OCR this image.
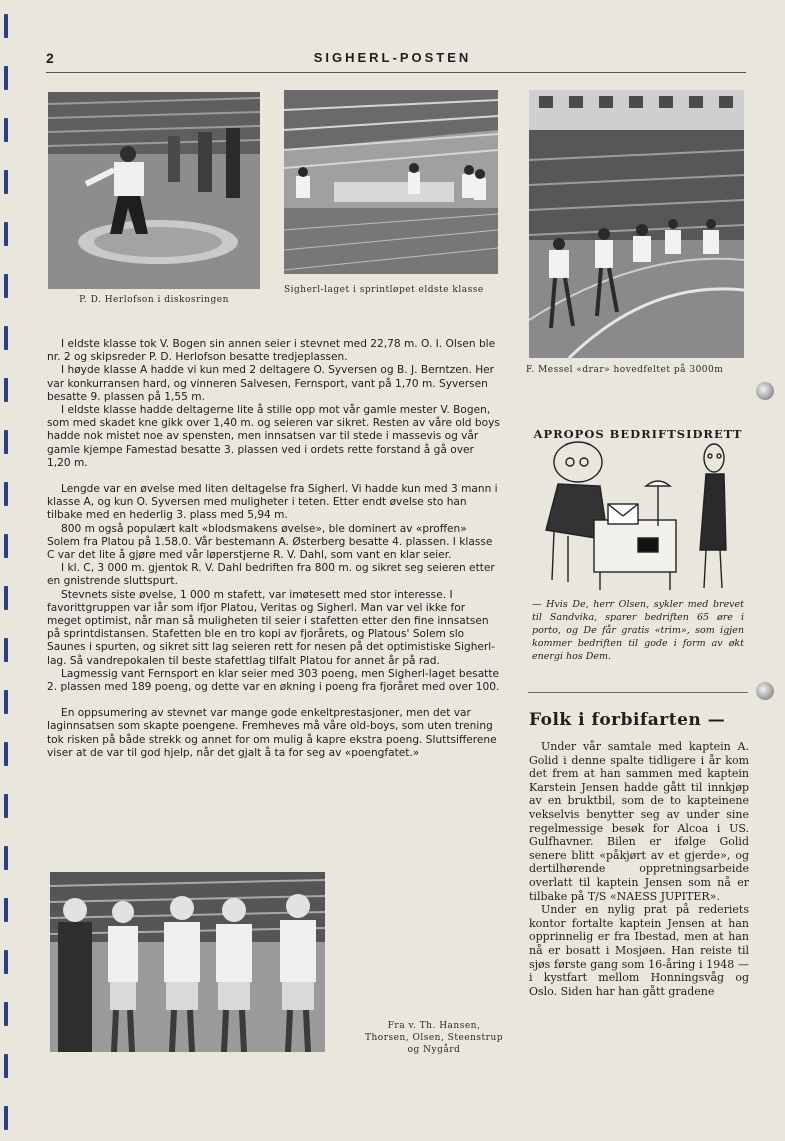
2	SIGHERL-POSTEN
P. D. Herlofson i diskosringen
Sigherl-laget i sprintløpet eldste klasse
F. Messel «drar» hovedfeltet på 3000m

I eldste klasse tok V. Bogen sin annen seier i stevnet med 22,78 m. O. I. Olsen ble nr. 2 og skipsreder P. D. Herlofson besatte tredjeplassen.

I høyde klasse A hadde vi kun med 2 deltagere O. Syversen og B. J. Berntzen. Her var konkurransen hard, og vinneren Salvesen, Fernsport, vant på 1,70 m. Syversen besatte 9. plassen på 1,55 m.

I eldste klasse hadde deltagerne lite å stille opp mot vår gamle mester V. Bogen, som med skadet kne gikk over 1,40 m. og seieren var sikret. Resten av våre old boys hadde nok mistet noe av spensten, men innsatsen var til stede i massevis og vår gamle kjempe Famestad besatte 3. plassen ved i ordets rette forstand å gå over 1,20 m.

Lengde var en øvelse med liten deltagelse fra Sigherl. Vi hadde kun med 3 mann i klasse A, og kun O. Syversen med muligheter i teten. Etter endt øvelse sto han tilbake med en hederlig 3. plass med 5,94 m.

800 m også populært kalt «blodsmakens øvelse», ble dominert av «proffen» Solem fra Platou på 1.58.0. Vår bestemann A. Østerberg besatte 4. plassen. I klasse C var det lite å gjøre med vår løperstjerne R. V. Dahl, som vant en klar seier.

I kl. C, 3 000 m. gjentok R. V. Dahl bedriften fra 800 m. og sikret seg seieren etter en gnistrende sluttspurt.

Stevnets siste øvelse, 1 000 m stafett, var imøtesett med stor interesse. I favorittgruppen var iår som ifjor Platou, Veritas og Sigherl. Man var vel ikke for meget optimist, når man så muligheten til seier i stafetten etter den fine innsatsen på sprintdistansen. Stafetten ble en tro kopi av fjorårets, og Platous' Solem slo Saunes i spurten, og sikret sitt lag seieren rett for nesen på det optimistiske Sigherl-lag. Så vandrepokalen til beste stafettlag tilfalt Platou for annet år på rad.

Lagmessig vant Fernsport en klar seier med 303 poeng, men Sigherl-laget besatte 2. plassen med 189 poeng, og dette var en økning i poeng fra fjoråret med over 100.

En oppsumering av stevnet var mange gode enkeltprestasjoner, men det var laginnsatsen som skapte poengene. Fremheves må våre old-boys, som uten trening tok risken på både strekk og annet for om mulig å kapre ekstra poeng. Sluttsifferene viser at de var til god hjelp, når det gjalt å ta for seg av «poengfatet.»

Fra v. Th. Hansen, Thorsen, Olsen, Steenstrup og Nygård
APROPOS BEDRIFTSIDRETT
— Hvis De, herr Olsen, sykler med brevet til Sandvika, sparer bedriften 65 øre i porto, og De får gratis «trim», som igjen kommer bedriften til gode i form av økt energi hos Dem.
Folk i forbifarten —

Under vår samtale med kaptein A. Golid i denne spalte tidligere i år kom det frem at han sammen med kaptein Karstein Jensen hadde gått til innkjøp av en bruktbil, som de to kapteinene vekselvis benytter seg av under sine regelmessige besøk for Alcoa i US. Gulfhavner. Bilen er ifølge Golid senere blitt «påkjørt av et gjerde», og dertilhørende oppretningsarbeide overlatt til kaptein Jensen som nå er tilbake på T/S «NAESS JUPITER».

Under en nylig prat på rederiets kontor fortalte kaptein Jensen at han opprinnelig er fra Ibestad, men at han nå er bosatt i Mosjøen. Han reiste til sjøs første gang som 16-åring i 1948 — i kystfart mellom Honningsvåg og Oslo. Siden har han gått gradene
